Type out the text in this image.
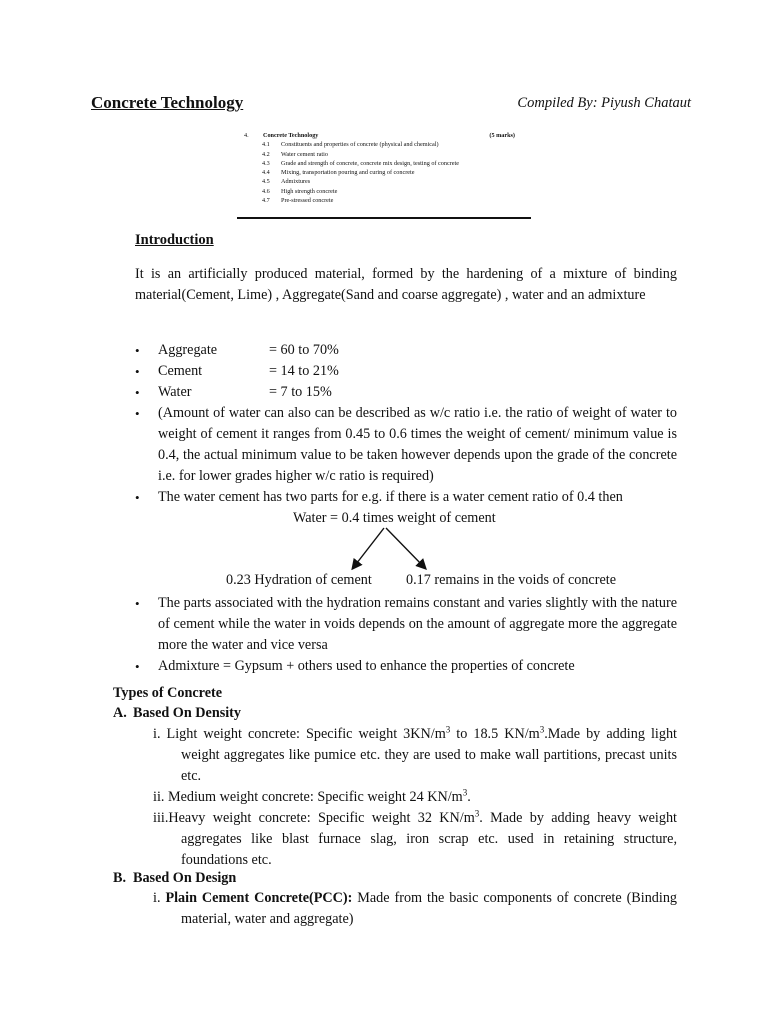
Concrete Technology	Compiled By: Piyush Chataut
4. Concrete Technology	(5 marks)
4.1 Constituents and properties of concrete (physical and chemical)
4.2 Water cement ratio
4.3 Grade and strength of concrete, concrete mix design, testing of concrete
4.4 Mixing, transportation pouring and curing of concrete
4.5 Admixtures
4.6 High strength concrete
4.7 Pre-stressed concrete
Introduction
It is an artificially produced material, formed by the hardening of a mixture of binding material(Cement, Lime) , Aggregate(Sand and coarse aggregate) , water and an admixture
• Aggregate	= 60 to 70%
• Cement	= 14 to 21%
• Water	= 7 to 15%
• (Amount of water can also can be described as w/c ratio i.e. the ratio of weight of water to weight of cement it ranges from 0.45 to 0.6 times the weight of cement/ minimum value is 0.4, the actual minimum value to be taken however depends upon the grade of the concrete i.e. for lower grades higher w/c ratio is required)
• The water cement has two parts for e.g. if there is a water cement ratio of 0.4 then
Water = 0.4 times weight of cement
0.23 Hydration of cement 0.17 remains in the voids of concrete
• The parts associated with the hydration remains constant and varies slightly with the nature of cement while the water in voids depends on the amount of aggregate more the aggregate more the water and vice versa
• Admixture = Gypsum + others used to enhance the properties of concrete
Types of Concrete
A. Based On Density
i. Light weight concrete: Specific weight $3KN/m^3$ to 18.5 $KN/m^3.Made$ by adding light weight aggregates like pumice etc. they are used to make wall partitions, precast units etc.
ii. Medium weight concrete: Specific weight 24 $KN/m^3$.
iii.Heavy weight concrete: Specific weight 32 $KN/m^3$. Made by adding heavy weight aggregates like blast furnace slag, iron scrap etc. used in retaining structure, foundations etc.
B. Based On Design
i. Plain Cement Concrete(PCC): Made from the basic components of concrete (Binding material, water and aggregate)
